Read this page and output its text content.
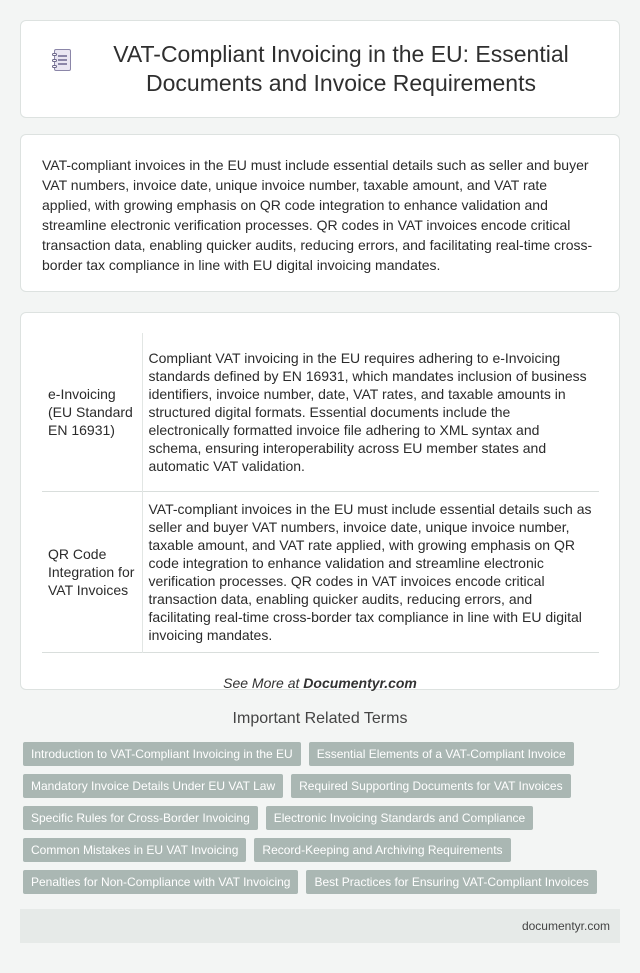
VAT-Compliant Invoicing in the EU: Essential Documents and Invoice Requirements

VAT-compliant invoices in the EU must include essential details such as seller and buyer VAT numbers, invoice date, unique invoice number, taxable amount, and VAT rate applied, with growing emphasis on QR code integration to enhance validation and streamline electronic verification processes. QR codes in VAT invoices encode critical transaction data, enabling quicker audits, reducing errors, and facilitating real-time cross-border tax compliance in line with EU digital invoicing mandates.

e-Invoicing (EU Standard EN 16931)	Compliant VAT invoicing in the EU requires adhering to e-Invoicing standards defined by EN 16931, which mandates inclusion of business identifiers, invoice number, date, VAT rates, and taxable amounts in structured digital formats. Essential documents include the electronically formatted invoice file adhering to XML syntax and schema, ensuring interoperability across EU member states and automatic VAT validation.
QR Code Integration for VAT Invoices	VAT-compliant invoices in the EU must include essential details such as seller and buyer VAT numbers, invoice date, unique invoice number, taxable amount, and VAT rate applied, with growing emphasis on QR code integration to enhance validation and streamline electronic verification processes. QR codes in VAT invoices encode critical transaction data, enabling quicker audits, reducing errors, and facilitating real-time cross-border tax compliance in line with EU digital invoicing mandates.

See More at Documentyr.com

Important Related Terms
Introduction to VAT-Compliant Invoicing in the EU	Essential Elements of a VAT-Compliant Invoice
Mandatory Invoice Details Under EU VAT Law	Required Supporting Documents for VAT Invoices
Specific Rules for Cross-Border Invoicing	Electronic Invoicing Standards and Compliance
Common Mistakes in EU VAT Invoicing	Record-Keeping and Archiving Requirements
Penalties for Non-Compliance with VAT Invoicing	Best Practices for Ensuring VAT-Compliant Invoices
documentyr.com
